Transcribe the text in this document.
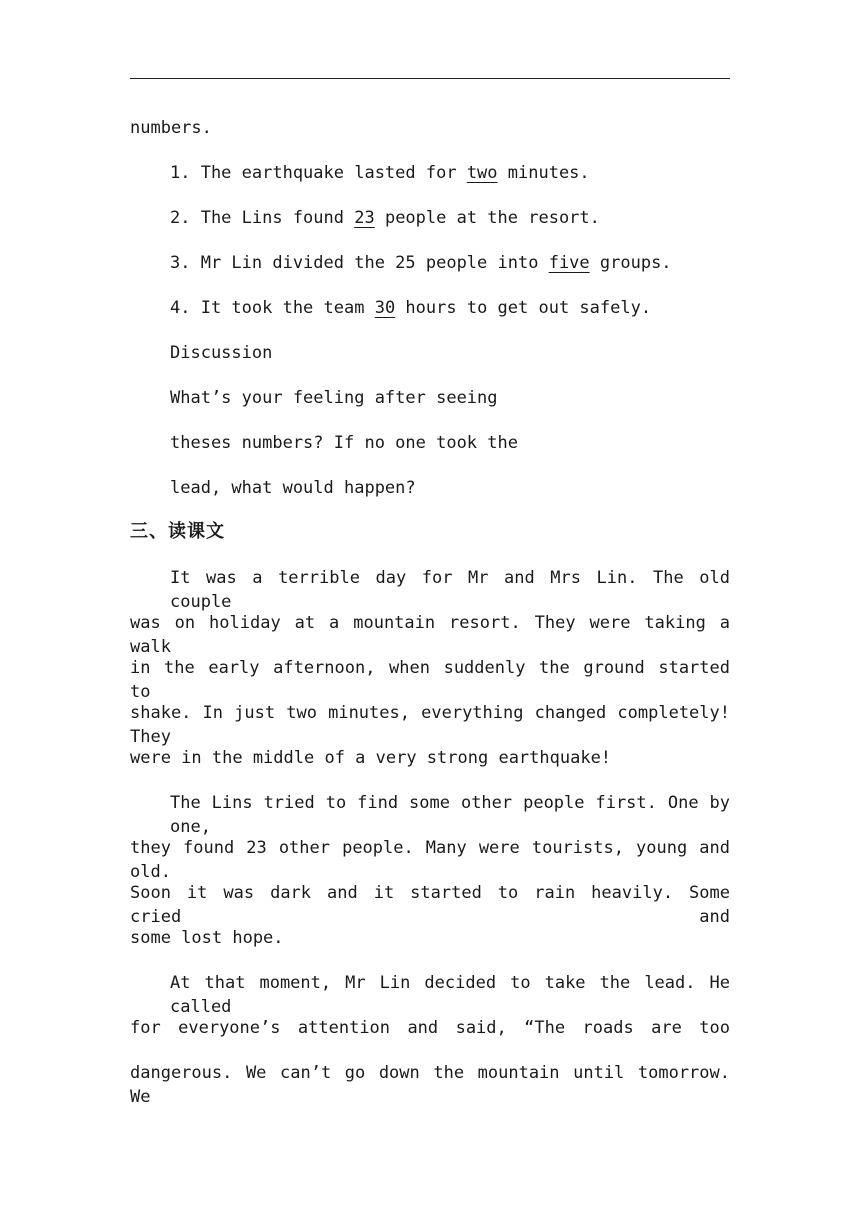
numbers.
1. The earthquake lasted for two minutes.
2. The Lins found 23 people at the resort.
3. Mr Lin divided the 25 people into five groups.
4. It took the team 30 hours to get out safely.
Discussion
What’s your feeling after seeing
theses numbers? If no one took the
lead, what would happen?
三、读课文
It was a terrible day for Mr and Mrs Lin. The old couple
was on holiday at a mountain resort. They were taking a walk
in the early afternoon, when suddenly the ground started to
shake. In just two minutes, everything changed completely! They
were in the middle of a very strong earthquake!
The Lins tried to find some other people first. One by one,
they found 23 other people. Many were tourists, young and old.
Soon it was dark and it started to rain heavily. Some cried and
some lost hope.
At that moment, Mr Lin decided to take the lead. He called
for everyone’s attention and said, “The roads are too
dangerous. We can’t go down the mountain until tomorrow. We
